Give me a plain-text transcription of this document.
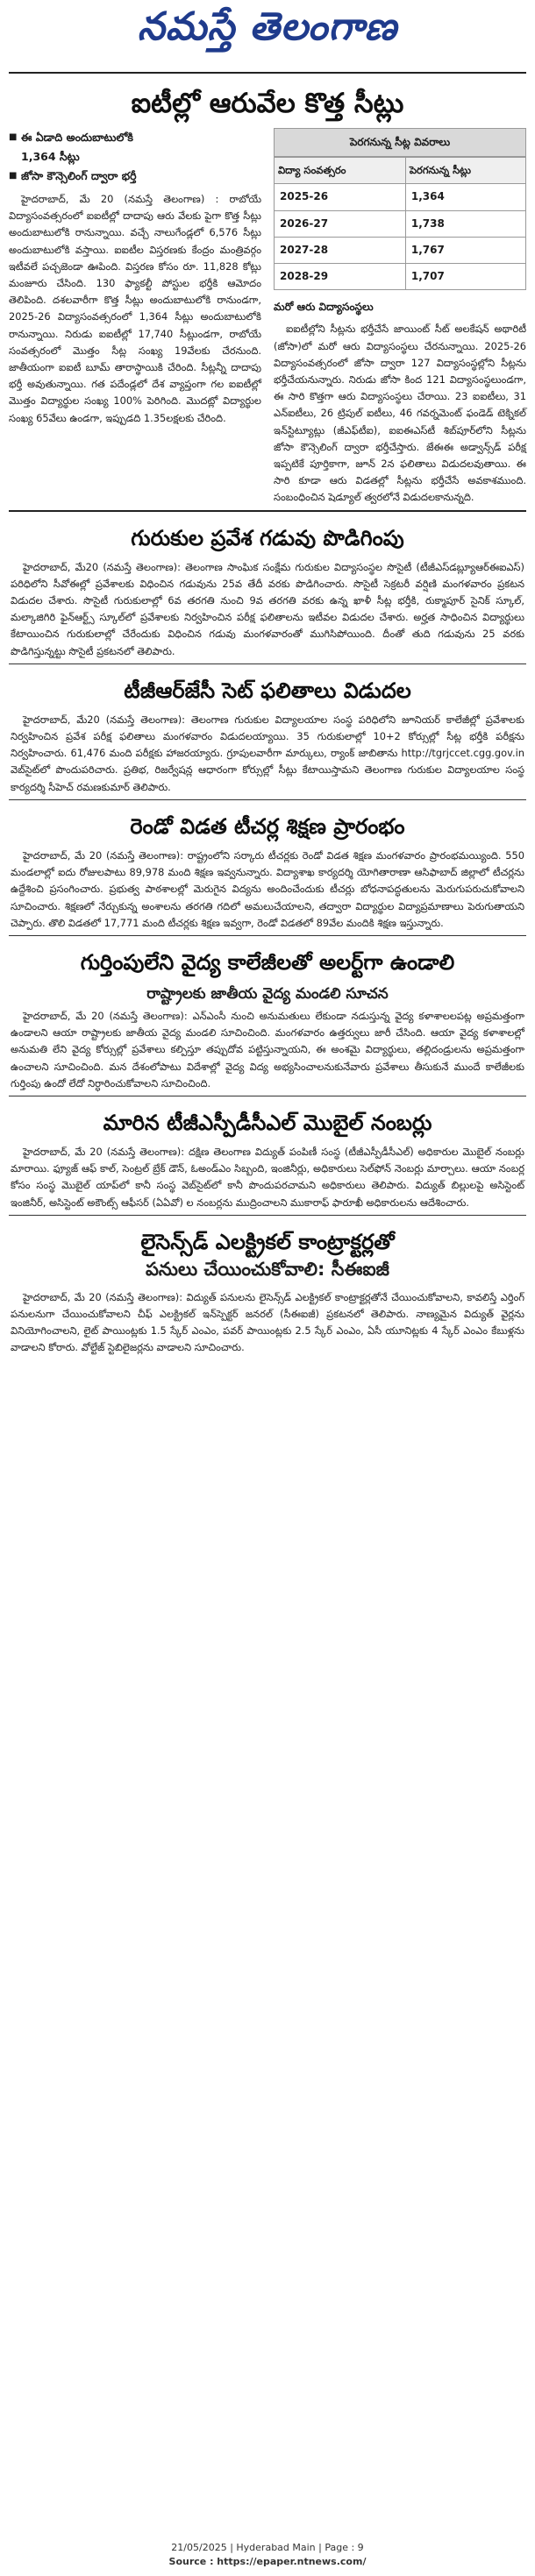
నమస్తే తెలంగాణ
ఐటీల్లో ఆరువేల కొత్త సీట్లు
■ ఈ ఏడాది అందుబాటులోకి
1,364 సీట్లు
■ జోసా కౌన్సెలింగ్ ద్వారా భర్తీ

హైదరాబాద్, మే 20 (నమస్తే తెలంగాణ) : రాబోయే విద్యాసంవత్సరంలో ఐఐటీల్లో దాదాపు ఆరు వేలకు పైగా కొత్త సీట్లు అందుబాటులోకి రానున్నాయి. వచ్చే నాలుగేండ్లలో 6,576 సీట్లు అందుబాటులోకి వస్తాయి. ఐఐటీల విస్తరణకు కేంద్రం మంత్రివర్గం ఇటీవలే పచ్చజెండా ఊపింది. విస్తరణ కోసం రూ. 11,828 కోట్లు మంజూరు చేసింది. 130 ఫ్యాకల్టీ పోస్టుల భర్తీకి ఆమోదం తెలిపింది. దశలవారీగా కొత్త సీట్లు అందుబాటులోకి రానుండగా, 2025-26 విద్యాసంవత్సరంలో 1,364 సీట్లు అందుబాటులోకి రానున్నాయి. నిరుడు ఐఐటీల్లో 17,740 సీట్లుండగా, రాబోయే సంవత్సరంలో మొత్తం సీట్ల సంఖ్య 19వేలకు చేరనుంది. జాతీయంగా ఐఐటీ బూమ్ తారాస్థాయికి చేరింది. సీట్లన్నీ దాదాపు భర్తీ అవుతున్నాయి. గత పదేండ్లలో దేశ వ్యాప్తంగా గల ఐఐటీల్లో మొత్తం విద్యార్థుల సంఖ్య 100% పెరిగింది. మొదట్లో విద్యార్థుల సంఖ్య 65వేలు ఉండగా, ఇప్పుడది 1.35లక్షలకు చేరింది.

పెరగనున్న సీట్ల వివరాలు
విద్యా సంవత్సరం	పెరగనున్న సీట్లు
2025-26	1,364
2026-27	1,738
2027-28	1,767
2028-29	1,707
మరో ఆరు విద్యాసంస్థలు

ఐఐటీల్లోని సీట్లను భర్తీచేసే జాయింట్ సీట్ అలకేషన్ అథారిటీ (జోసా)లో మరో ఆరు విద్యాసంస్థలు చేరనున్నాయి. 2025-26 విద్యాసంవత్సరంలో జోసా ద్వారా 127 విద్యాసంస్థల్లోని సీట్లను భర్తీచేయనున్నారు. నిరుడు జోసా కింద 121 విద్యాసంస్థలుండగా, ఈ సారి కొత్తగా ఆరు విద్యాసంస్థలు చేరాయి. 23 ఐఐటీలు, 31 ఎన్‌ఐటీలు, 26 ట్రిపుల్ ఐటీలు, 46 గవర్నమెంట్ ఫండెడ్ టెక్నికల్ ఇన్‌స్టిట్యూట్లు (జీఎఫ్‌టీఐ), ఐఐఈఎస్‌టీ శిబ్‌పూర్‌లోని సీట్లను జోసా కౌన్సెలింగ్ ద్వారా భర్తీచేస్తారు. జేఈఈ అడ్వాన్స్‌డ్ పరీక్ష ఇప్పటికే పూర్తికాగా, జూన్ 2న ఫలితాలు విడుదలవుతాయి. ఈ సారి కూడా ఆరు విడతల్లో సీట్లను భర్తీచేసే అవకాశముంది. సంబంధించిన షెడ్యూల్ త్వరలోనే విడుదలకానున్నది.

గురుకుల ప్రవేశ గడువు పొడిగింపు

హైదరాబాద్, మే20 (నమస్తే తెలంగాణ): తెలంగాణ సాంఘిక సంక్షేమ గురుకుల విద్యాసంస్థల సొసైటీ (టీజీఎస్‌డబ్ల్యూఆర్‌ఈఐఎస్) పరిధిలోని సీవోఈల్లో ప్రవేశాలకు విధించిన గడువును 25వ తేదీ వరకు పొడిగించారు. సొసైటీ సెక్రటరీ వర్షిణి మంగళవారం ప్రకటన విడుదల చేశారు. సొసైటీ గురుకులాల్లో 6వ తరగతి నుంచి 9వ తరగతి వరకు ఉన్న ఖాళీ సీట్ల భర్తీకి, రుక్మాపూర్ సైనిక్ స్కూల్, మల్కాజిగిరి ఫైన్‌ఆర్ట్స్ స్కూల్‌లో ప్రవేశాలకు నిర్వహించిన పరీక్ష ఫలితాలను ఇటీవల విడుదల చేశారు. అర్హత సాధించిన విద్యార్థులు కేటాయించిన గురుకులాల్లో చేరేందుకు విధించిన గడువు మంగళవారంతో ముగిసిపోయింది. దీంతో తుది గడువును 25 వరకు పొడిగిస్తున్నట్టు సొసైటీ ప్రకటనలో తెలిపారు.

టీజీఆర్‌జేసీ సెట్ ఫలితాలు విడుదల

హైదరాబాద్, మే20 (నమస్తే తెలంగాణ): తెలంగాణ గురుకుల విద్యాలయాల సంస్థ పరిధిలోని జూనియర్ కాలేజీల్లో ప్రవేశాలకు నిర్వహించిన ప్రవేశ పరీక్ష ఫలితాలు మంగళవారం విడుదలయ్యాయి. 35 గురుకులాల్లో 10+2 కోర్సుల్లో సీట్ల భర్తీకి పరీక్షను నిర్వహించారు. 61,476 మంది పరీక్షకు హాజరయ్యారు. గ్రూపులవారీగా మార్కులు, ర్యాంక్ జాబితాను http://tgrjccet.cgg.gov.in వెబ్‌సైట్‌లో పొందుపరిచారు. ప్రతిభ, రిజర్వేషన్ల ఆధారంగా కోర్సుల్లో సీట్లు కేటాయిస్తామని తెలంగాణ గురుకుల విద్యాలయాల సంస్థ కార్యదర్శి సీహెచ్ రమణకుమార్ తెలిపారు.

రెండో విడత టీచర్ల శిక్షణ ప్రారంభం

హైదరాబాద్, మే 20 (నమస్తే తెలంగాణ): రాష్ట్రంలోని సర్కారు టీచర్లకు రెండో విడత శిక్షణ మంగళవారం ప్రారంభమయ్యింది. 550 మండలాల్లో ఐదు రోజులపాటు 89,978 మంది శిక్షణ ఇవ్వనున్నారు. విద్యాశాఖ కార్యదర్శి యోగితారాణా ఆసిఫాబాద్ జిల్లాలో టీచర్లను ఉద్దేశించి ప్రసంగించారు. ప్రభుత్వ పాఠశాలల్లో మెరుగైన విద్యను అందించేందుకు టీచర్లు బోధనాపద్ధతులను మెరుగుపరుచుకోవాలని సూచించారు. శిక్షణలో నేర్చుకున్న అంశాలను తరగతి గదిలో అమలుచేయాలని, తద్వారా విద్యార్థుల విద్యాప్రమాణాలు పెరుగుతాయని చెప్పారు. తొలి విడతలో 17,771 మంది టీచర్లకు శిక్షణ ఇవ్వగా, రెండో విడతలో 89వేల మందికి శిక్షణ ఇస్తున్నారు.

గుర్తింపులేని వైద్య కాలేజీలతో అలర్ట్‌గా ఉండాలి
రాష్ట్రాలకు జాతీయ వైద్య మండలి సూచన

హైదరాబాద్, మే 20 (నమస్తే తెలంగాణ): ఎన్‌ఎంసీ నుంచి అనుమతులు లేకుండా నడుస్తున్న వైద్య కళాశాలలపట్ల అప్రమత్తంగా ఉండాలని ఆయా రాష్ట్రాలకు జాతీయ వైద్య మండలి సూచించింది. మంగళవారం ఉత్తర్వులు జారీ చేసింది. ఆయా వైద్య కళాశాలల్లో అనుమతి లేని వైద్య కోర్సుల్లో ప్రవేశాలు కల్పిస్తూ తప్పుదోవ పట్టిస్తున్నాయని, ఈ అంశమై విద్యార్థులు, తల్లిదండ్రులను అప్రమత్తంగా ఉంచాలని సూచించింది. మన దేశంలోపాటు విదేశాల్లో వైద్య విద్య అభ్యసించాలనుకునేవారు ప్రవేశాలు తీసుకునే ముందే కాలేజీలకు గుర్తింపు ఉందో లేదో నిర్ధారించుకోవాలని సూచించింది.

మారిన టీజీఎస్పీడీసీఎల్ మొబైల్ నంబర్లు

హైదరాబాద్, మే 20 (నమస్తే తెలంగాణ): దక్షిణ తెలంగాణ విద్యుత్ పంపిణీ సంస్థ (టీజీఎస్పీడీసీఎల్) అధికారుల మొబైల్ నంబర్లు మారాయి. ఫ్యూజ్ ఆఫ్ కాల్, సెంట్రల్ బ్రేక్ డౌన్, ఓఅండ్‌ఎం సిబ్బంది, ఇంజినీర్లు, అధికారులు సెల్‌ఫోన్ నెంబర్లు మార్చాలు. ఆయా నంబర్ల కోసం సంస్థ మొబైల్ యాప్‌లో కానీ సంస్థ వెబ్‌సైట్‌లో కానీ పొందుపరచామని అధికారులు తెలిపారు. విద్యుత్ బిల్లులపై అసిస్టెంట్ ఇంజినీర్, అసిస్టెంట్ అకౌంట్స్ ఆఫీసర్ (ఏఏవో) ల నంబర్లను ముద్రించాలని ముకారాఫ్ ఫారూఖీ అధికారులను ఆదేశించారు.

లైసెన్స్‌డ్ ఎలక్ట్రికల్ కాంట్రాక్టర్లతో
పనులు చేయించుకోవాలి: సీఈఐజీ

హైదరాబాద్, మే 20 (నమస్తే తెలంగాణ): విద్యుత్ పనులను లైసెన్స్‌డ్ ఎలక్ట్రికల్ కాంట్రాక్టర్లతోనే చేయించుకోవాలని, కావలిస్తే ఎర్తింగ్‌ పనులనుగా చేయించుకోవాలని చీఫ్ ఎలక్ట్రికల్ ఇన్‌స్పెక్టర్ జనరల్ (సీఈఐజీ) ప్రకటనలో తెలిపారు. నాణ్యమైన విద్యుత్ వైర్లను వినియోగించాలని, లైట్ పాయింట్లకు 1.5 స్కేర్ ఎంఎం, పవర్ పాయింట్లకు 2.5 స్కేర్ ఎంఎం, ఏసీ యూనిట్లకు 4 స్కేర్ ఎంఎం కేబుళ్లను వాడాలని కోరారు. వోల్టేజ్ స్టెబిలైజర్లను వాడాలని సూచించారు.

21/05/2025 | Hyderabad Main | Page : 9
Source : https://epaper.ntnews.com/
